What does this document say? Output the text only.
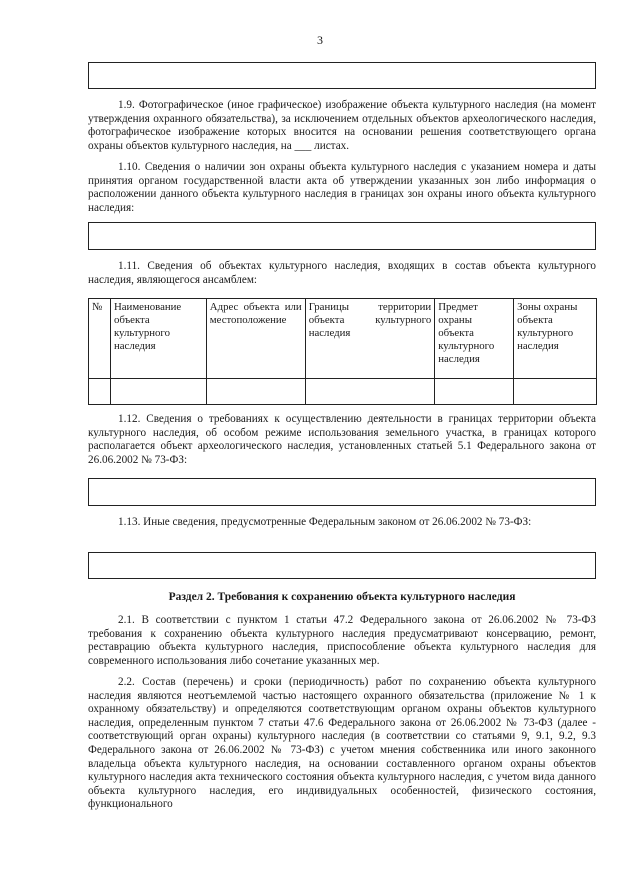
3
1.9. Фотографическое (иное графическое) изображение объекта культурного наследия (на момент утверждения охранного обязательства), за исключением отдельных объектов археологического наследия, фотографическое изображение которых вносится на основании решения соответствующего органа охраны объектов культурного наследия, на ___ листах.
1.10. Сведения о наличии зон охраны объекта культурного наследия с указанием номера и даты принятия органом государственной власти акта об утверждении указанных зон либо информация о расположении данного объекта культурного наследия в границах зон охраны иного объекта культурного наследия:
1.11. Сведения об объектах культурного наследия, входящих в состав объекта культурного наследия, являющегося ансамблем:
№	Наименование объекта культурного наследия	Адрес объекта или местоположение	Границы территории объекта культурного наследия	Предмет охраны объекта культурного наследия	Зоны охраны объекта культурного наследия

1.12. Сведения о требованиях к осуществлению деятельности в границах территории объекта культурного наследия, об особом режиме использования земельного участка, в границах которого располагается объект археологического наследия, установленных статьей 5.1 Федерального закона от 26.06.2002 № 73-ФЗ:
1.13. Иные сведения, предусмотренные Федеральным законом от 26.06.2002 № 73-ФЗ:
Раздел 2. Требования к сохранению объекта культурного наследия
2.1. В соответствии с пунктом 1 статьи 47.2 Федерального закона от 26.06.2002 № 73-ФЗ требования к сохранению объекта культурного наследия предусматривают консервацию, ремонт, реставрацию объекта культурного наследия, приспособление объекта культурного наследия для современного использования либо сочетание указанных мер.
2.2. Состав (перечень) и сроки (периодичность) работ по сохранению объекта культурного наследия являются неотъемлемой частью настоящего охранного обязательства (приложение № 1 к охранному обязательству) и определяются соответствующим органом охраны объектов культурного наследия, определенным пунктом 7 статьи 47.6 Федерального закона от 26.06.2002 № 73-ФЗ (далее - соответствующий орган охраны) культурного наследия (в соответствии со статьями 9, 9.1, 9.2, 9.3 Федерального закона от 26.06.2002 № 73-ФЗ) с учетом мнения собственника или иного законного владельца объекта культурного наследия, на основании составленного органом охраны объектов культурного наследия акта технического состояния объекта культурного наследия, с учетом вида данного объекта культурного наследия, его индивидуальных особенностей, физического состояния, функционального
